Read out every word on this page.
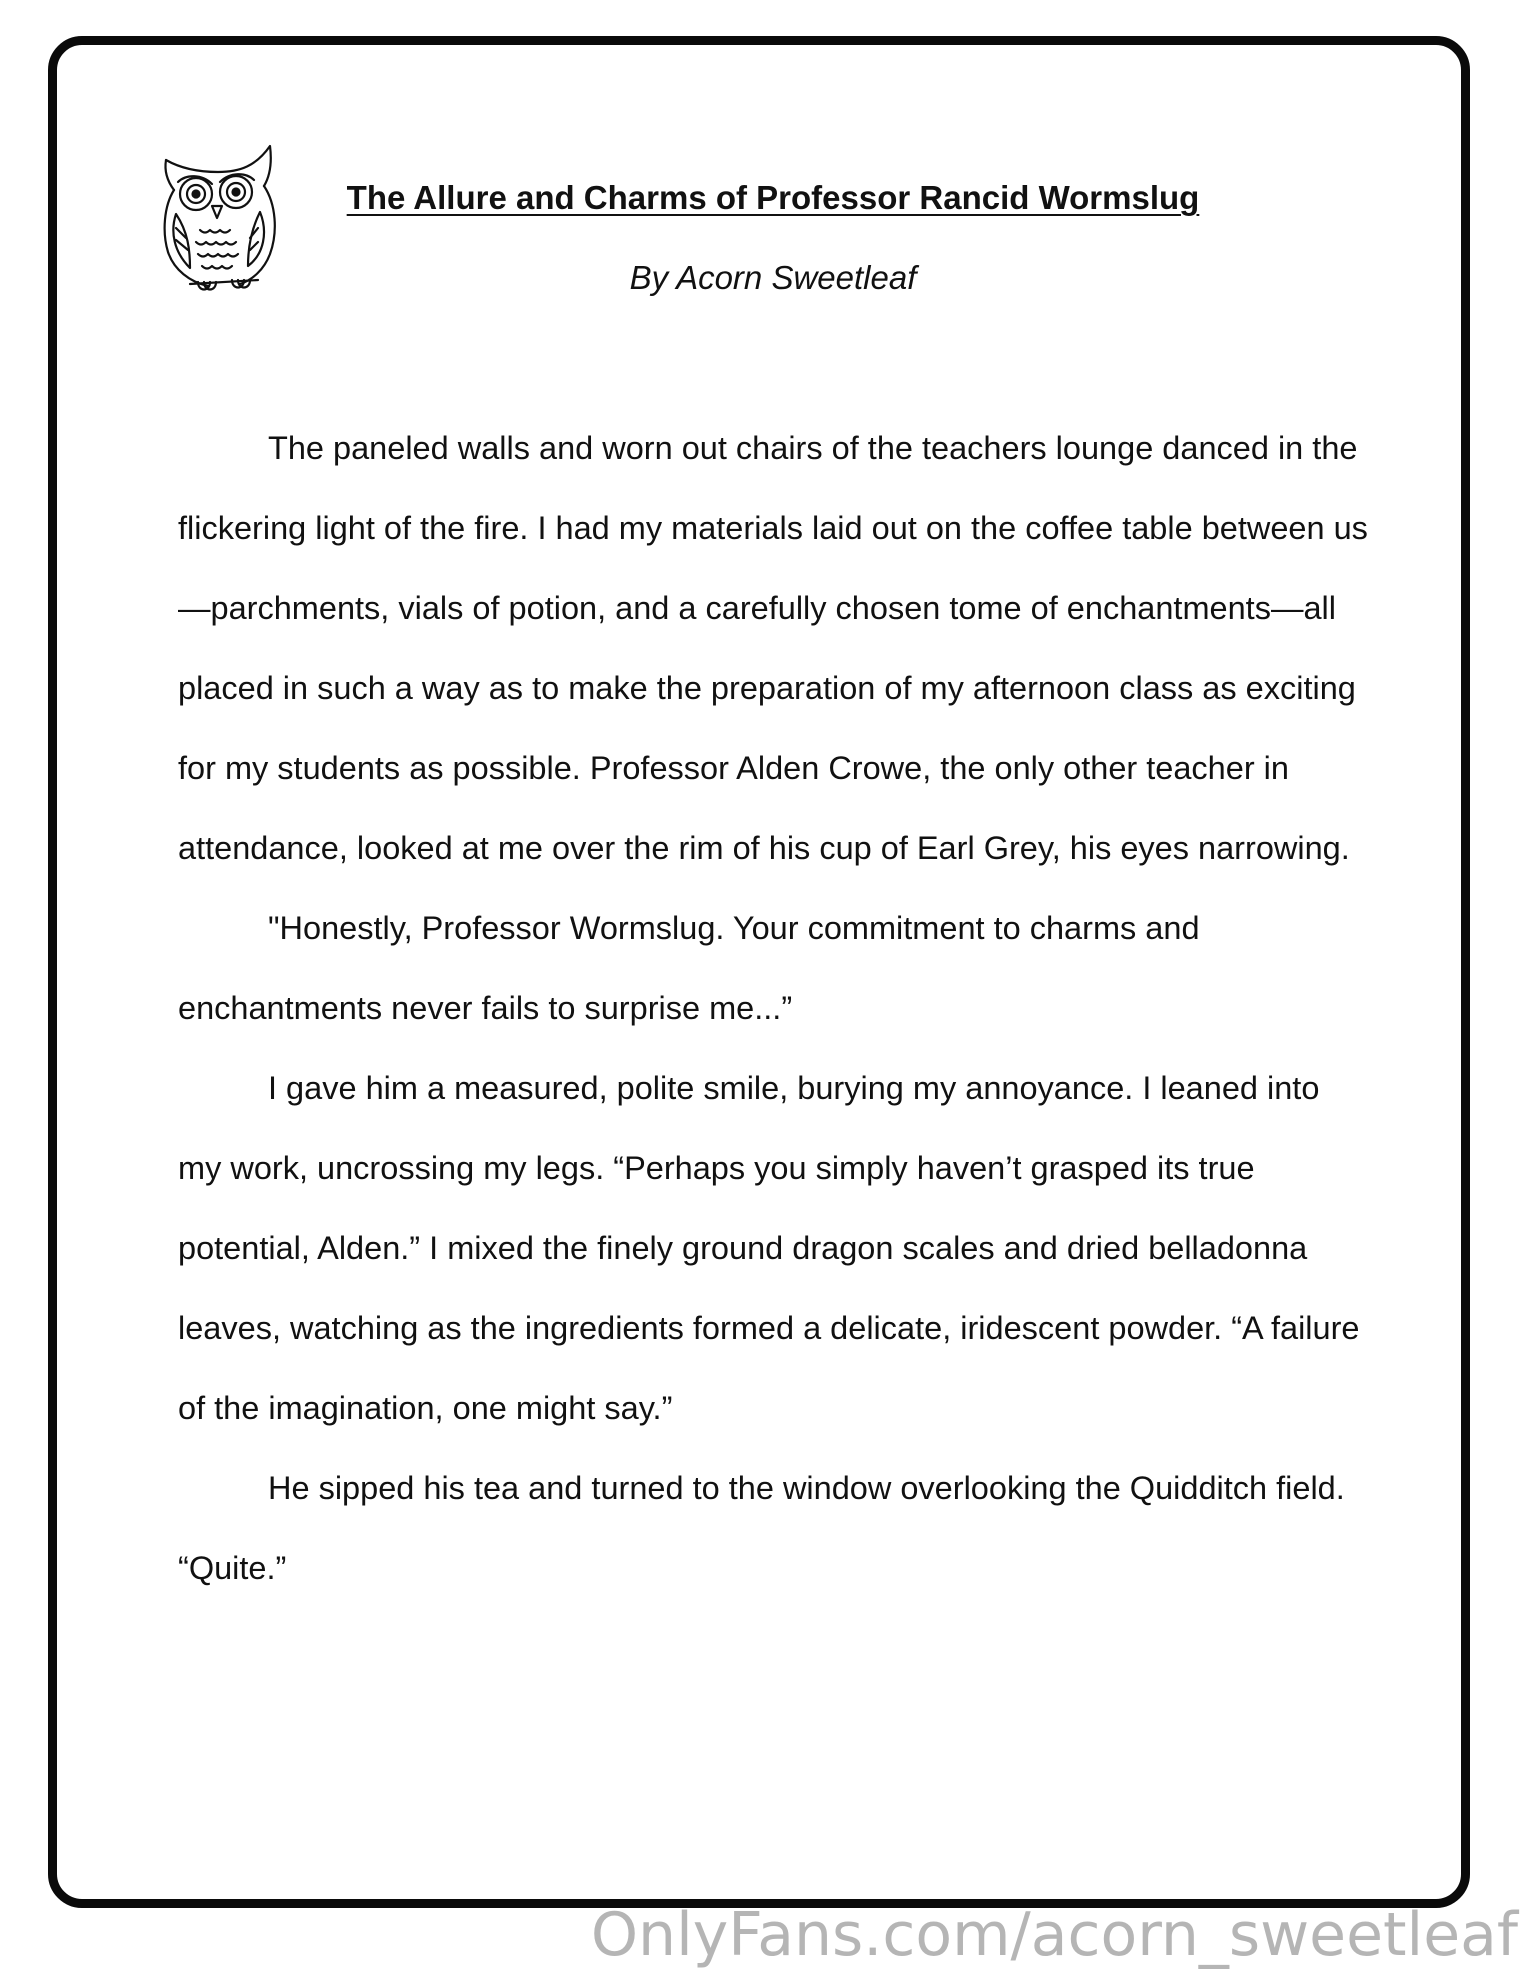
The Allure and Charms of Professor Rancid Wormslug
By Acorn Sweetleaf

The paneled walls and worn out chairs of the teachers lounge danced in the flickering light of the fire. I had my materials laid out on the coffee table between us—parchments, vials of potion, and a carefully chosen tome of enchantments—all placed in such a way as to make the preparation of my afternoon class as exciting for my students as possible. Professor Alden Crowe, the only other teacher in attendance, looked at me over the rim of his cup of Earl Grey, his eyes narrowing.

"Honestly, Professor Wormslug. Your commitment to charms and enchantments never fails to surprise me...”

I gave him a measured, polite smile, burying my annoyance. I leaned into my work, uncrossing my legs. “Perhaps you simply haven’t grasped its true potential, Alden.” I mixed the finely ground dragon scales and dried belladonna leaves, watching as the ingredients formed a delicate, iridescent powder. “A failure of the imagination, one might say.”

He sipped his tea and turned to the window overlooking the Quidditch field. “Quite.”

OnlyFans.com/acorn_sweetleaf
